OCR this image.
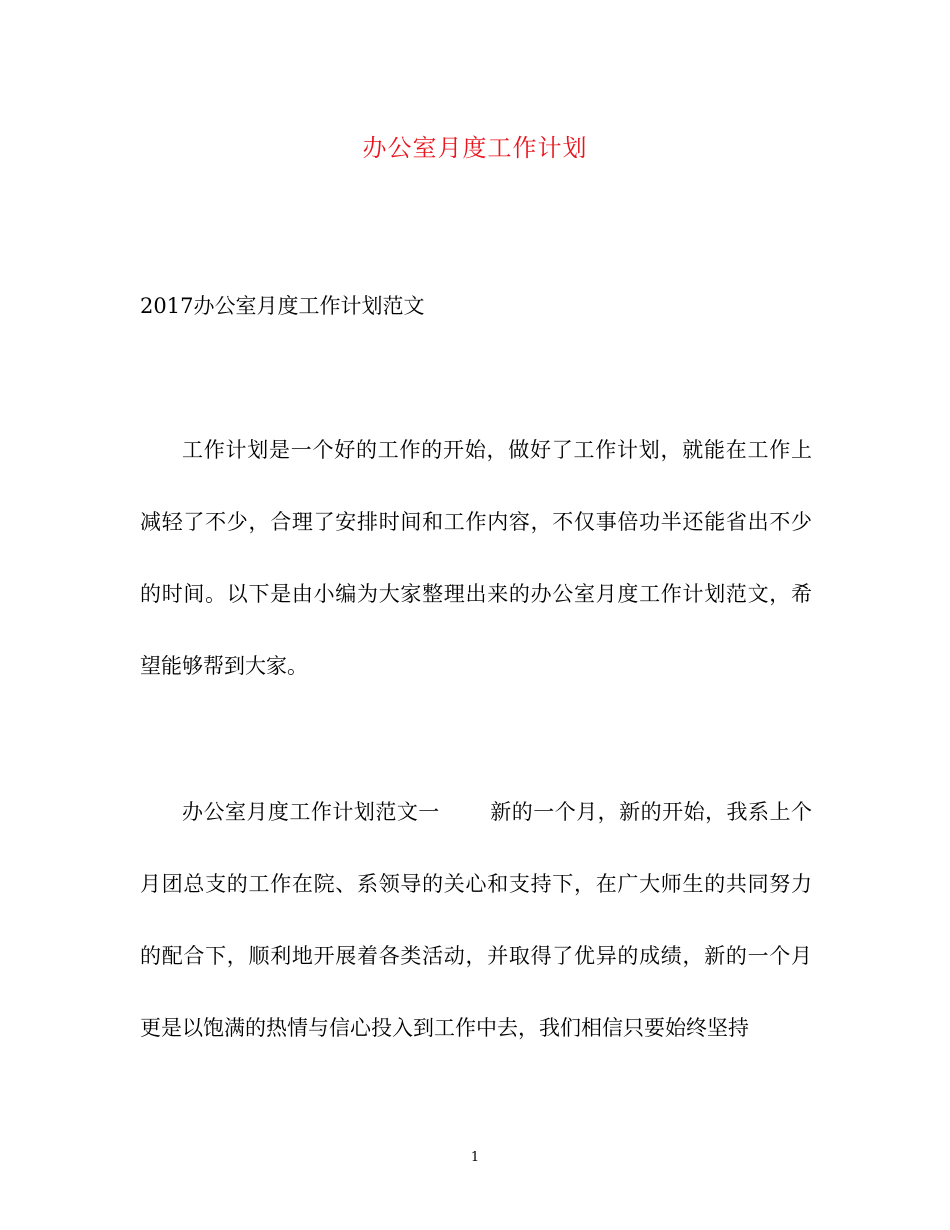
办公室月度工作计划
2017办公室月度工作计划范文
工作计划是一个好的工作的开始，做好了工作计划，就能在工作上
减轻了不少，合理了安排时间和工作内容，不仅事倍功半还能省出不少
的时间。以下是由小编为大家整理出来的办公室月度工作计划范文，希
望能够帮到大家。
办公室月度工作计划范文一 新的一个月，新的开始，我系上个
月团总支的工作在院、系领导的关心和支持下，在广大师生的共同努力
的配合下，顺利地开展着各类活动，并取得了优异的成绩，新的一个月
更是以饱满的热情与信心投入到工作中去，我们相信只要始终坚持
1
